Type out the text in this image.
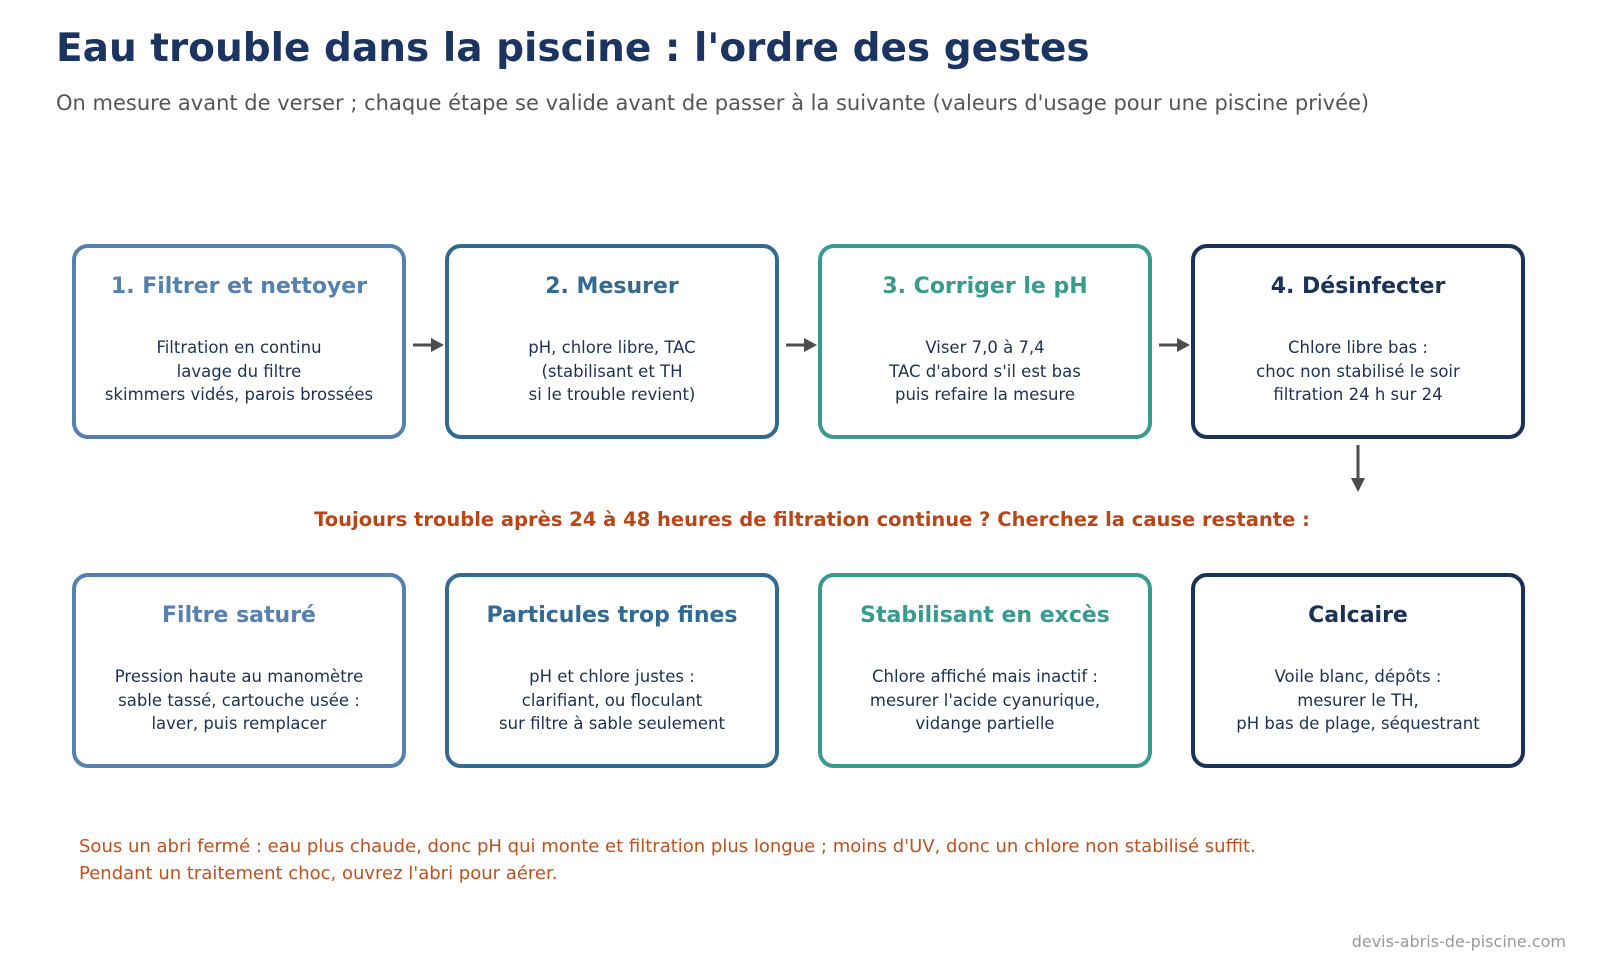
Eau trouble dans la piscine : l'ordre des gestes

On mesure avant de verser ; chaque étape se valide avant de passer à la suivante (valeurs d'usage pour une piscine privée)

1. Filtrer et nettoyer
Filtration en continu
lavage du filtre
skimmers vidés, parois brossées
2. Mesurer
pH, chlore libre, TAC
(stabilisant et TH
si le trouble revient)
3. Corriger le pH
Viser 7,0 à 7,4
TAC d'abord s'il est bas
puis refaire la mesure
4. Désinfecter
Chlore libre bas :
choc non stabilisé le soir
filtration 24 h sur 24
Toujours trouble après 24 à 48 heures de filtration continue ? Cherchez la cause restante :
Filtre saturé
Pression haute au manomètre
sable tassé, cartouche usée :
laver, puis remplacer
Particules trop fines
pH et chlore justes :
clarifiant, ou floculant
sur filtre à sable seulement
Stabilisant en excès
Chlore affiché mais inactif :
mesurer l'acide cyanurique,
vidange partielle
Calcaire
Voile blanc, dépôts :
mesurer le TH,
pH bas de plage, séquestrant
Sous un abri fermé : eau plus chaude, donc pH qui monte et filtration plus longue ; moins d'UV, donc un chlore non stabilisé suffit.
Pendant un traitement choc, ouvrez l'abri pour aérer.
devis-abris-de-piscine.com
